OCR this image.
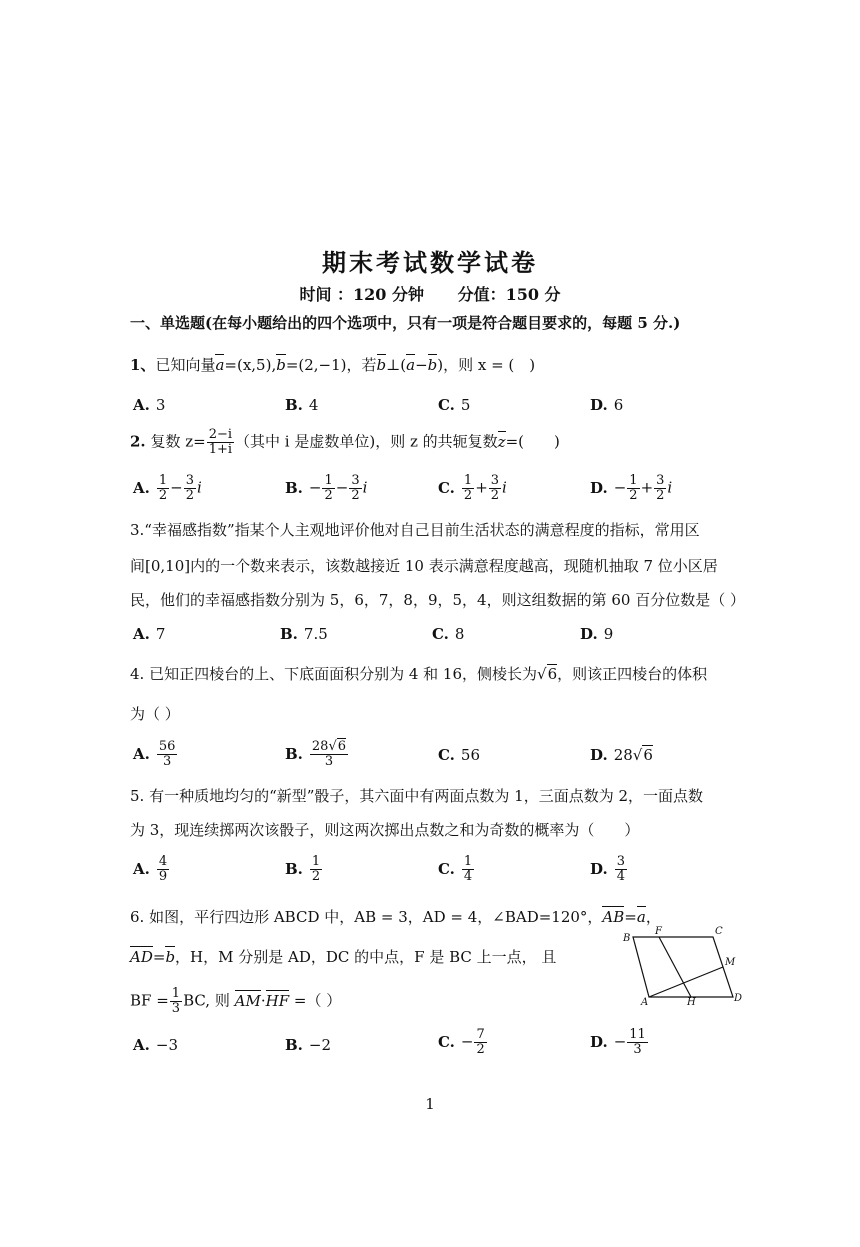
期末考试数学试卷
时间 ：120 分钟 分值：150 分
一、单选题(在每小题给出的四个选项中，只有一项是符合题目要求的，每题 5 分.)
1、已知向量a=(x,5),b=(2,−1)，若b⊥(a−b)，则 x = (　)
A. 3	B. 4	C. 5	D. 6
2. 复数 $z= \frac{2-i}{1+i}$ （其中 i 是虚数单位)，则 z 的共轭复数z=(　　)
A. $\frac{1}{2} - \frac{3}{2}$ i	B. − $\frac{1}{2} - \frac{3}{2}$ i	C. $\frac{1}{2} + \frac{3}{2}$ i	D. − $\frac{1}{2} + \frac{3}{2}$ i
3.“幸福感指数”指某个人主观地评价他对自己目前生活状态的满意程度的指标，常用区
间[0,10]内的一个数来表示，该数越接近 10 表示满意程度越高，现随机抽取 7 位小区居
民，他们的幸福感指数分别为 5，6，7，8，9，5，4，则这组数据的第 60 百分位数是（ ）
A. 7	B. 7.5	C. 8	D. 9
4. 已知正四棱台的上、下底面面积分别为 4 和 16，侧棱长为√6，则该正四棱台的体积
为（ ）
A. $\frac{56}{3}$	B. $\frac{28√6}{3}$	C. 56	D. 28√6
5. 有一种质地均匀的“新型”骰子，其六面中有两面点数为 1，三面点数为 2，一面点数
为 3，现连续掷两次该骰子，则这两次掷出点数之和为奇数的概率为（　　）
A. $\frac{4}{9}$	B. $\frac{1}{2}$	C. $\frac{1}{4}$	D. $\frac{3}{4}$
6. 如图，平行四边形 ABCD 中，AB = 3，AD = 4，∠BAD=120°，AB=a，
AD=b，H，M 分别是 AD，DC 的中点，F 是 BC 上一点， 且
BF = $\frac{1}{3}$ BC, 则 AM·HF =（ ）
B
F	C
M
A	H	D
A. −3	B. −2	C. − $\frac{7}{2}$	D. − $\frac{11}{3}$
1
